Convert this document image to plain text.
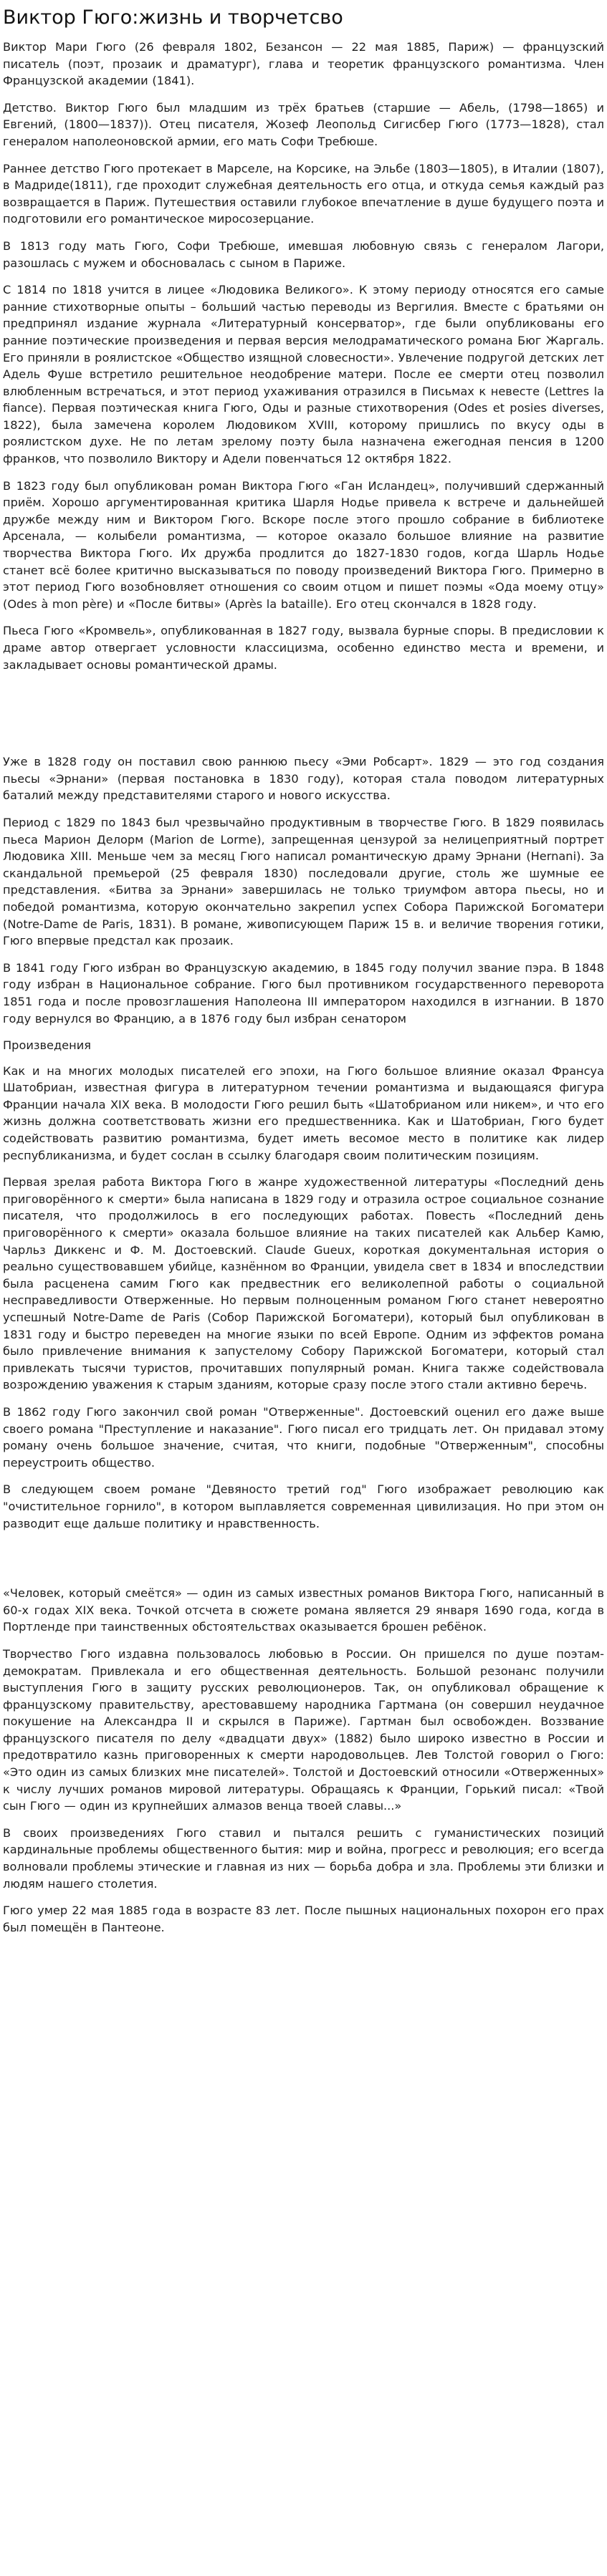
Виктор Гюго:жизнь и творчетсво

Виктор Мари Гюго (26 февраля 1802, Безансон — 22 мая 1885, Париж) — французский писатель (поэт, прозаик и драматург), глава и теоретик французского романтизма. Член Французской академии (1841).

Детство. Виктор Гюго был младшим из трёх братьев (старшие — Абель, (1798—1865) и Евгений, (1800—1837)). Отец писателя, Жозеф Леопольд Сигисбер Гюго (1773—1828), стал генералом наполеоновской армии, его мать Софи Требюше.

Раннее детство Гюго протекает в Марселе, на Корсике, на Эльбе (1803—1805), в Италии (1807), в Мадриде(1811), где проходит служебная деятельность его отца, и откуда семья каждый раз возвращается в Париж. Путешествия оставили глубокое впечатление в душе будущего поэта и подготовили его романтическое миросозерцание.

В 1813 году мать Гюго, Софи Требюше, имевшая любовную связь с генералом Лагори, разошлась с мужем и обосновалась с сыном в Париже.

С 1814 по 1818 учится в лицее «Людовика Великого». К этому периоду относятся его самые ранние стихотворные опыты – больший частью переводы из Вергилия. Вместе с братьями он предпринял издание журнала «Литературный консерватор», где были опубликованы его ранние поэтические произведения и первая версия мелодраматического романа Бюг Жаргаль. Его приняли в роялистское «Общество изящной словесности». Увлечение подругой детских лет Адель Фуше встретило решительное неодобрение матери. После ее смерти отец позволил влюбленным встречаться, и этот период ухаживания отразился в Письмах к невесте (Lettres la fiance). Первая поэтическая книга Гюго, Оды и разные стихотворения (Odes et posies diverses, 1822), была замечена королем Людовиком XVIII, которому пришлись по вкусу оды в роялистском духе. Не по летам зрелому поэту была назначена ежегодная пенсия в 1200 франков, что позволило Виктору и Адели повенчаться 12 октября 1822.

В 1823 году был опубликован роман Виктора Гюго «Ган Исландец», получивший сдержанный приём. Хорошо аргументированная критика Шарля Нодье привела к встрече и дальнейшей дружбе между ним и Виктором Гюго. Вскоре после этого прошло собрание в библиотеке Арсенала, — колыбели романтизма, — которое оказало большое влияние на развитие творчества Виктора Гюго. Их дружба продлится до 1827-1830 годов, когда Шарль Нодье станет всё более критично высказываться по поводу произведений Виктора Гюго. Примерно в этот период Гюго возобновляет отношения со своим отцом и пишет поэмы «Ода моему отцу» (Odes à mon père) и «После битвы» (Après la bataille). Его отец скончался в 1828 году.

Пьеса Гюго «Кромвель», опубликованная в 1827 году, вызвала бурные споры. В предисловии к драме автор отвергает условности классицизма, особенно единство места и времени, и закладывает основы романтической драмы.

Уже в 1828 году он поставил свою раннюю пьесу «Эми Робсарт». 1829 — это год создания пьесы «Эрнани» (первая постановка в 1830 году), которая стала поводом литературных баталий между представителями старого и нового искусства.

Период с 1829 по 1843 был чрезвычайно продуктивным в творчестве Гюго. В 1829 появилась пьеса Марион Делорм (Marion de Lorme), запрещенная цензурой за нелицеприятный портрет Людовика XIII. Меньше чем за месяц Гюго написал романтическую драму Эрнани (Hernani). За скандальной премьерой (25 февраля 1830) последовали другие, столь же шумные ее представления. «Битва за Эрнани» завершилась не только триумфом автора пьесы, но и победой романтизма, которую окончательно закрепил успех Собора Парижской Богоматери (Notre-Dame de Paris, 1831). В романе, живописующем Париж 15 в. и величие творения готики, Гюго впервые предстал как прозаик.

В 1841 году Гюго избран во Французскую академию, в 1845 году получил звание пэра. В 1848 году избран в Национальное собрание. Гюго был противником государственного переворота 1851 года и после провозглашения Наполеона III императором находился в изгнании. В 1870 году вернулся во Францию, а в 1876 году был избран сенатором

Произведения

Как и на многих молодых писателей его эпохи, на Гюго большое влияние оказал Франсуа Шатобриан, известная фигура в литературном течении романтизма и выдающаяся фигура Франции начала XIX века. В молодости Гюго решил быть «Шатобрианом или никем», и что его жизнь должна соответствовать жизни его предшественника. Как и Шатобриан, Гюго будет содействовать развитию романтизма, будет иметь весомое место в политике как лидер республиканизма, и будет сослан в ссылку благодаря своим политическим позициям.

Первая зрелая работа Виктора Гюго в жанре художественной литературы «Последний день приговорённого к смерти» была написана в 1829 году и отразила острое социальное сознание писателя, что продолжилось в его последующих работах. Повесть «Последний день приговорённого к смерти» оказала большое влияние на таких писателей как Альбер Камю, Чарльз Диккенс и Ф. М. Достоевский. Claude Gueux, короткая документальная история о реально существовавшем убийце, казнённом во Франции, увидела свет в 1834 и впоследствии была расценена самим Гюго как предвестник его великолепной работы о социальной несправедливости Отверженные. Но первым полноценным романом Гюго станет невероятно успешный Notre-Dame de Paris (Собор Парижской Богоматери), который был опубликован в 1831 году и быстро переведен на многие языки по всей Европе. Одним из эффектов романа было привлечение внимания к запустелому Собору Парижской Богоматери, который стал привлекать тысячи туристов, прочитавших популярный роман. Книга также содействовала возрождению уважения к старым зданиям, которые сразу после этого стали активно беречь.

В 1862 году Гюго закончил свой роман "Отверженные". Достоевский оценил его даже выше своего романа "Преступление и наказание". Гюго писал его тридцать лет. Он придавал этому роману очень большое значение, считая, что книги, подобные "Отверженным", способны переустроить общество.

В следующем своем романе "Девяносто третий год" Гюго изображает революцию как "очистительное горнило", в котором выплавляется современная цивилизация. Но при этом он разводит еще дальше политику и нравственность.

«Человек, который смеётся» — один из самых известных романов Виктора Гюго, написанный в 60-х годах XIX века. Точкой отсчета в сюжете романа является 29 января 1690 года, когда в Портленде при таинственных обстоятельствах оказывается брошен ребёнок.

Творчество Гюго издавна пользовалось любовью в России. Он пришелся по душе поэтам-демократам. Привлекала и его общественная деятельность. Большой резонанс получили выступления Гюго в защиту русских революционеров. Так, он опубликовал обращение к французскому правительству, арестовавшему народника Гартмана (он совершил неудачное покушение на Александра II и скрылся в Париже). Гартман был освобожден. Воззвание французского писателя по делу «двадцати двух» (1882) было широко известно в России и предотвратило казнь приговоренных к смерти народовольцев. Лев Толстой говорил о Гюго: «Это один из самых близких мне писателей». Толстой и Достоевский относили «Отверженных» к числу лучших романов мировой литературы. Обращаясь к Франции, Горький писал: «Твой сын Гюго — один из крупнейших алмазов венца твоей славы...»

В своих произведениях Гюго ставил и пытался решить с гуманистических позиций кардинальные проблемы общественного бытия: мир и война, прогресс и революция; его всегда волновали проблемы этические и главная из них — борьба добра и зла. Проблемы эти близки и людям нашего столетия.

Гюго умер 22 мая 1885 года в возрасте 83 лет. После пышных национальных похорон его прах был помещён в Пантеоне.
